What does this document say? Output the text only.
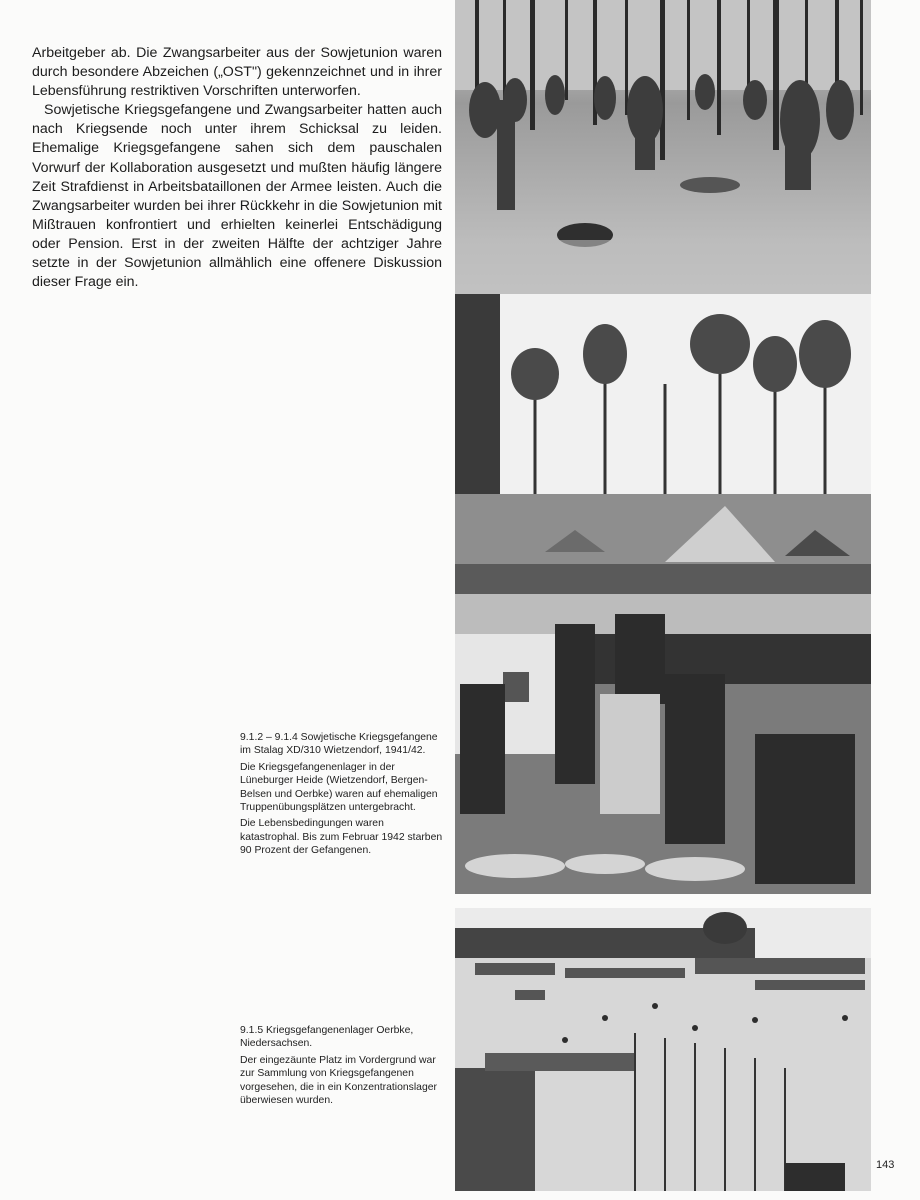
Arbeitgeber ab. Die Zwangsarbeiter aus der Sowjetunion waren durch besondere Abzeichen („OST") gekennzeichnet und in ihrer Lebensführung restriktiven Vorschriften unterworfen.

Sowjetische Kriegsgefangene und Zwangsarbeiter hatten auch nach Kriegsende noch unter ihrem Schicksal zu leiden. Ehemalige Kriegsgefangene sahen sich dem pauschalen Vorwurf der Kollaboration ausgesetzt und mußten häufig längere Zeit Strafdienst in Arbeitsbataillonen der Armee leisten. Auch die Zwangsarbeiter wurden bei ihrer Rückkehr in die Sowjetunion mit Mißtrauen konfrontiert und erhielten keinerlei Entschädigung oder Pension. Erst in der zweiten Hälfte der achtziger Jahre setzte in der Sowjetunion allmählich eine offenere Diskussion dieser Frage ein.

9.1.2 – 9.1.4 Sowjetische Kriegsgefangene im Stalag XD/310 Wietzendorf, 1941/42.

Die Kriegsgefangenenlager in der Lüneburger Heide (Wietzendorf, Bergen-Belsen und Oerbke) waren auf ehemaligen Truppenübungsplätzen untergebracht.

Die Lebensbedingungen waren katastrophal. Bis zum Februar 1942 starben 90 Prozent der Gefangenen.

9.1.5 Kriegsgefangenenlager Oerbke, Niedersachsen.

Der eingezäunte Platz im Vordergrund war zur Sammlung von Kriegsgefangenen vorgesehen, die in ein Konzentrationslager überwiesen wurden.

143
